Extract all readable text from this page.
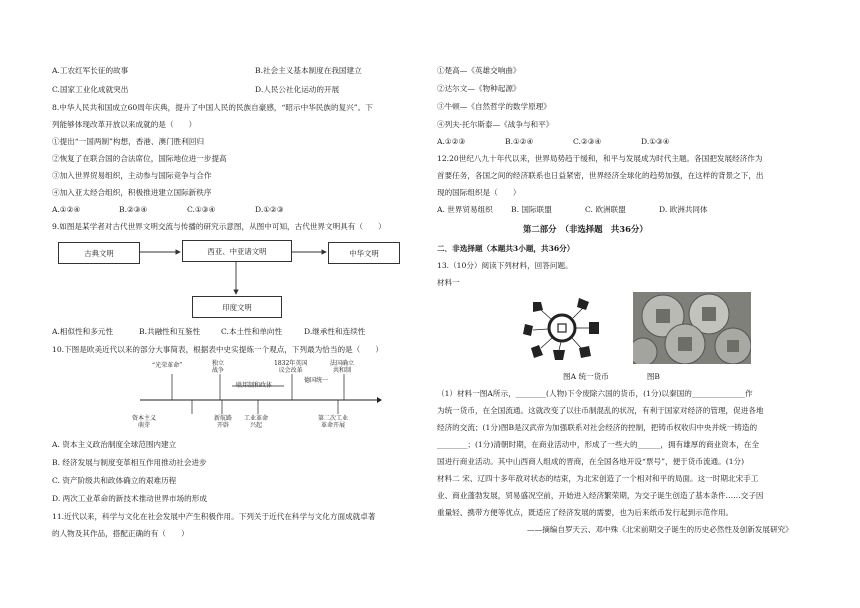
A.工农红军长征的故事	B.社会主义基本制度在我国建立
C.国家工业化成就突出	D.人民公社化运动的开展
8.中华人民共和国成立60周年庆典，提升了中国人民的民族自豪感，“昭示中华民族的复兴”。下
列能够体现改革开放以来成就的是（　　）
①提出“一国两制”构想，香港、澳门胜利回归
②恢复了在联合国的合法席位，国际地位进一步提高
③加入世界贸易组织，主动参与国际竞争与合作
④加入亚太经合组织，积极推进建立国际新秩序
A.①②④	B.②③④	C.①③④	D.①②③
9.如图是某学者对古代世界文明交流与传播的研究示意图，从图中可知，古代世界文明具有（　　）
古典文明	西亚、中亚诸文明	中华文明
印度文明
A.相似性和多元性	B.共融性和互鉴性	C.本土性和单向性	D.继承性和连续性
10.下图是欧美近代以来的部分大事简表，根据表中史实提炼一个观点，下列最为恰当的是（　　）
“光荣革命”	独立
战争
1832年英国
议会改革
法国确立
共和制
联邦制和政体
德国统一
资本主义
萌芽
新航路
开辟
工业革命
兴起
第二次工业
革命开展
A. 资本主义政治制度全球范围内建立
B. 经济发展与制度变革相互作用推动社会进步
C. 资产阶级共和政体确立的艰难历程
D. 两次工业革命的新技术推动世界市场的形成
11.近代以来，科学与文化在社会发展中产生积极作用。下列关于近代在科学与文化方面成就卓著
的人物及其作品，搭配正确的有（　　）
①楚高—《英雄交响曲》
②达尔文—《物种起源》
③牛顿—《自然哲学的数学原理》
④列夫·托尔斯泰—《战争与和平》
A.①②③	B.①②④	C.②③④	D.①③④
12.20世纪八九十年代以来，世界局势趋于缓和，和平与发展成为时代主题。各国把发展经济作为
首要任务，各国之间的经济联系也日益紧密，世界经济全球化的趋势加强，在这样的背景之下，出
现的国际组织是（　　）
A. 世界贸易组织 B. 国际联盟	C. 欧洲联盟	D. 欧洲共同体
第二部分　（非选择题　共36分）
二．非选择题（本题共3小题，共36分）
13.（10分）阅读下列材料，回答问题。
材料一
图A 统一货币　　　　　图B
（1）材料一图A所示，________(人物)下令废除六国的货币，(1分)以秦国的______________作
为统一货币，在全国流通。这就改变了以往币制混乱的状况，有利于国家对经济的管理，促进各地
经济的交流；(1分)图B是汉武帝为加强联系对社会经济的控制，把铸币权收归中央并统一铸造的
________；(1分)清朝时期，在商业活动中，形成了一些大的______，拥有雄厚的商业资本，在全
国进行商业活动。其中山西商人组成的晋商，在全国各地开设“票号”，便于货币流通。(1分)
材料二 宋、辽四十多年敌对状态的结束，为北宋创造了一个相对和平的局面。这一时期北宋手工
业、商业蓬勃发展，贸易盛况空前，开始进入经济繁荣期，为交子诞生创造了基本条件……交子因
重量轻、携带方便等优点，既适应了经济发展的需要，也为后来纸币发行起到示范作用。
——摘编自罗天云、邓中殊《北宋前期交子诞生的历史必然性及创新发展研究》
